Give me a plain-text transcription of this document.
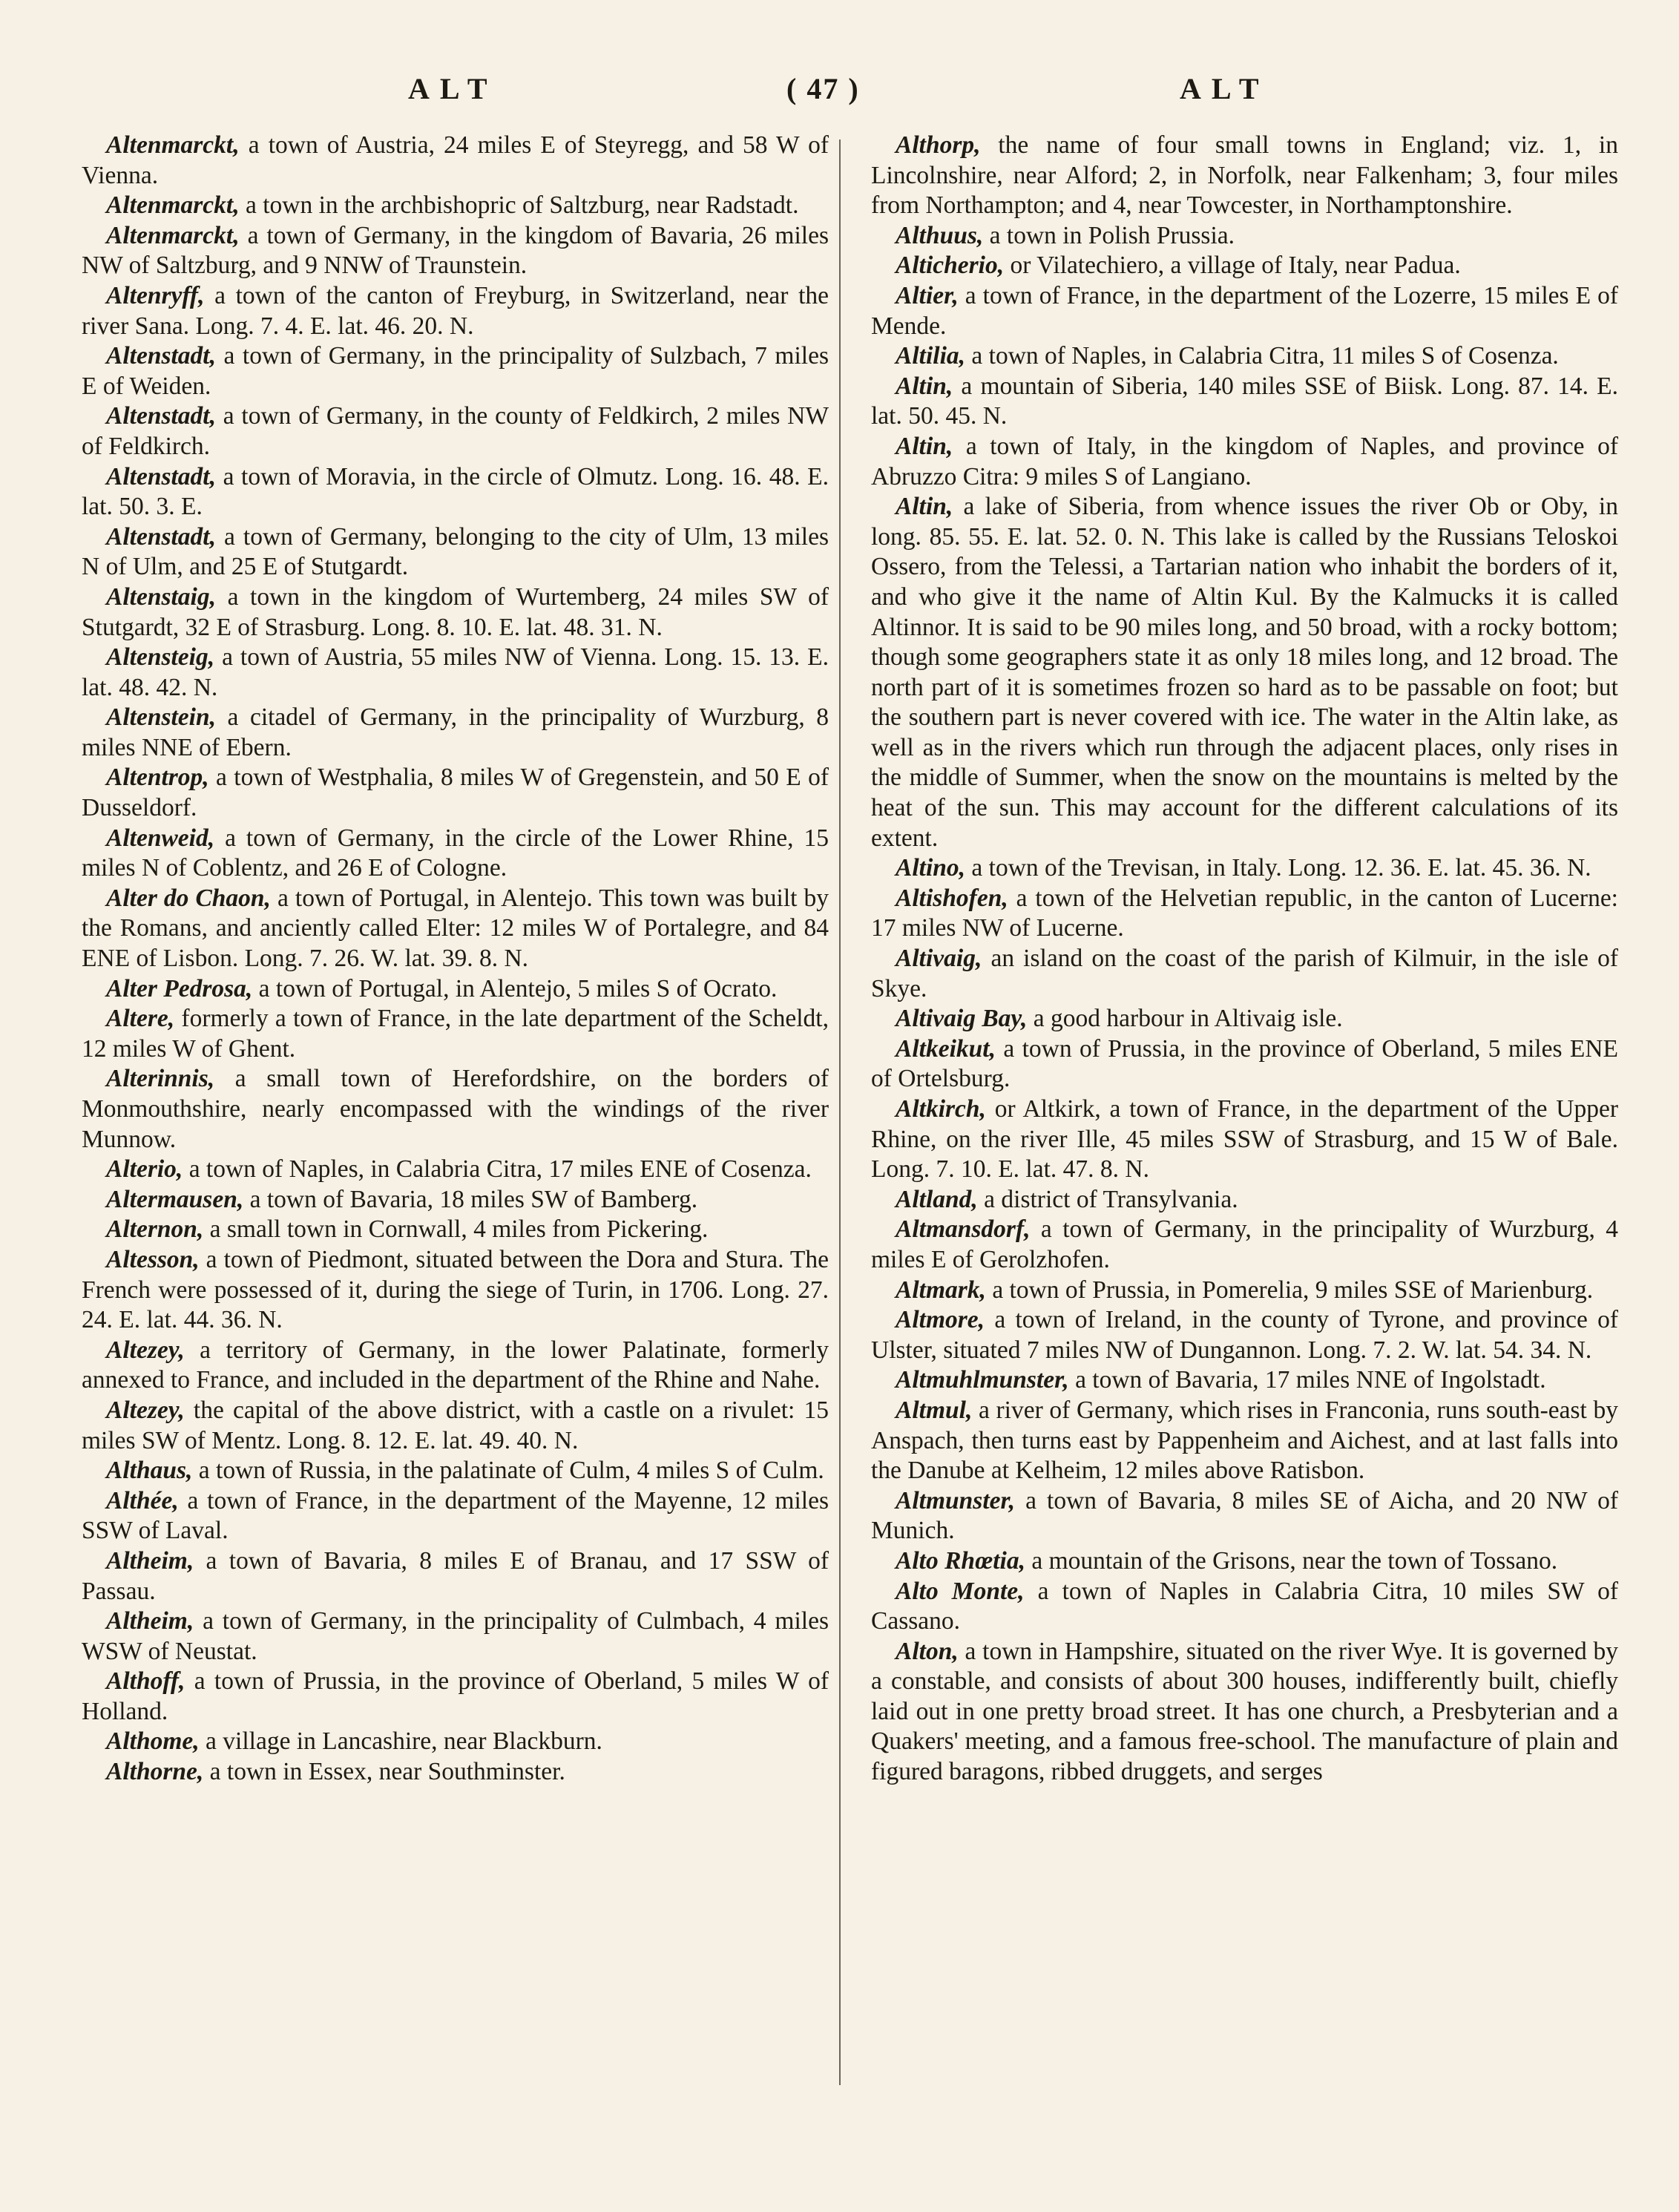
ALT	( 47 )	ALT

Altenmarckt, a town of Austria, 24 miles E of Steyregg, and 58 W of Vienna.

Altenmarckt, a town in the archbishopric of Saltzburg, near Radstadt.

Altenmarckt, a town of Germany, in the kingdom of Bavaria, 26 miles NW of Saltzburg, and 9 NNW of Traunstein.

Altenryff, a town of the canton of Freyburg, in Switzerland, near the river Sana. Long. 7. 4. E. lat. 46. 20. N.

Altenstadt, a town of Germany, in the principality of Sulzbach, 7 miles E of Weiden.

Altenstadt, a town of Germany, in the county of Feldkirch, 2 miles NW of Feldkirch.

Altenstadt, a town of Moravia, in the circle of Olmutz. Long. 16. 48. E. lat. 50. 3. E.

Altenstadt, a town of Germany, belonging to the city of Ulm, 13 miles N of Ulm, and 25 E of Stutgardt.

Altenstaig, a town in the kingdom of Wurtemberg, 24 miles SW of Stutgardt, 32 E of Strasburg. Long. 8. 10. E. lat. 48. 31. N.

Altensteig, a town of Austria, 55 miles NW of Vienna. Long. 15. 13. E. lat. 48. 42. N.

Altenstein, a citadel of Germany, in the principality of Wurzburg, 8 miles NNE of Ebern.

Altentrop, a town of Westphalia, 8 miles W of Gregenstein, and 50 E of Dusseldorf.

Altenweid, a town of Germany, in the circle of the Lower Rhine, 15 miles N of Coblentz, and 26 E of Cologne.

Alter do Chaon, a town of Portugal, in Alentejo. This town was built by the Romans, and anciently called Elter: 12 miles W of Portalegre, and 84 ENE of Lisbon. Long. 7. 26. W. lat. 39. 8. N.

Alter Pedrosa, a town of Portugal, in Alentejo, 5 miles S of Ocrato.

Altere, formerly a town of France, in the late department of the Scheldt, 12 miles W of Ghent.

Alterinnis, a small town of Herefordshire, on the borders of Monmouthshire, nearly encompassed with the windings of the river Munnow.

Alterio, a town of Naples, in Calabria Citra, 17 miles ENE of Cosenza.

Altermausen, a town of Bavaria, 18 miles SW of Bamberg.

Alternon, a small town in Cornwall, 4 miles from Pickering.

Altesson, a town of Piedmont, situated between the Dora and Stura. The French were possessed of it, during the siege of Turin, in 1706. Long. 27. 24. E. lat. 44. 36. N.

Altezey, a territory of Germany, in the lower Palatinate, formerly annexed to France, and included in the department of the Rhine and Nahe.

Altezey, the capital of the above district, with a castle on a rivulet: 15 miles SW of Mentz. Long. 8. 12. E. lat. 49. 40. N.

Althaus, a town of Russia, in the palatinate of Culm, 4 miles S of Culm.

Althée, a town of France, in the department of the Mayenne, 12 miles SSW of Laval.

Altheim, a town of Bavaria, 8 miles E of Branau, and 17 SSW of Passau.

Altheim, a town of Germany, in the principality of Culmbach, 4 miles WSW of Neustat.

Althoff, a town of Prussia, in the province of Oberland, 5 miles W of Holland.

Althome, a village in Lancashire, near Blackburn.

Althorne, a town in Essex, near Southminster.

Althorp, the name of four small towns in England; viz. 1, in Lincolnshire, near Alford; 2, in Norfolk, near Falkenham; 3, four miles from Northampton; and 4, near Towcester, in Northamptonshire.

Althuus, a town in Polish Prussia.

Alticherio, or Vilatechiero, a village of Italy, near Padua.

Altier, a town of France, in the department of the Lozerre, 15 miles E of Mende.

Altilia, a town of Naples, in Calabria Citra, 11 miles S of Cosenza.

Altin, a mountain of Siberia, 140 miles SSE of Biisk. Long. 87. 14. E. lat. 50. 45. N.

Altin, a town of Italy, in the kingdom of Naples, and province of Abruzzo Citra: 9 miles S of Langiano.

Altin, a lake of Siberia, from whence issues the river Ob or Oby, in long. 85. 55. E. lat. 52. 0. N. This lake is called by the Russians Teloskoi Ossero, from the Telessi, a Tartarian nation who inhabit the borders of it, and who give it the name of Altin Kul. By the Kalmucks it is called Altinnor. It is said to be 90 miles long, and 50 broad, with a rocky bottom; though some geographers state it as only 18 miles long, and 12 broad. The north part of it is sometimes frozen so hard as to be passable on foot; but the southern part is never covered with ice. The water in the Altin lake, as well as in the rivers which run through the adjacent places, only rises in the middle of Summer, when the snow on the mountains is melted by the heat of the sun. This may account for the different calculations of its extent.

Altino, a town of the Trevisan, in Italy. Long. 12. 36. E. lat. 45. 36. N.

Altishofen, a town of the Helvetian republic, in the canton of Lucerne: 17 miles NW of Lucerne.

Altivaig, an island on the coast of the parish of Kilmuir, in the isle of Skye.

Altivaig Bay, a good harbour in Altivaig isle.

Altkeikut, a town of Prussia, in the province of Oberland, 5 miles ENE of Ortelsburg.

Altkirch, or Altkirk, a town of France, in the department of the Upper Rhine, on the river Ille, 45 miles SSW of Strasburg, and 15 W of Bale. Long. 7. 10. E. lat. 47. 8. N.

Altland, a district of Transylvania.

Altmansdorf, a town of Germany, in the principality of Wurzburg, 4 miles E of Gerolzhofen.

Altmark, a town of Prussia, in Pomerelia, 9 miles SSE of Marienburg.

Altmore, a town of Ireland, in the county of Tyrone, and province of Ulster, situated 7 miles NW of Dungannon. Long. 7. 2. W. lat. 54. 34. N.

Altmuhlmunster, a town of Bavaria, 17 miles NNE of Ingolstadt.

Altmul, a river of Germany, which rises in Franconia, runs south-east by Anspach, then turns east by Pappenheim and Aichest, and at last falls into the Danube at Kelheim, 12 miles above Ratisbon.

Altmunster, a town of Bavaria, 8 miles SE of Aicha, and 20 NW of Munich.

Alto Rhœtia, a mountain of the Grisons, near the town of Tossano.

Alto Monte, a town of Naples in Calabria Citra, 10 miles SW of Cassano.

Alton, a town in Hampshire, situated on the river Wye. It is governed by a constable, and consists of about 300 houses, indifferently built, chiefly laid out in one pretty broad street. It has one church, a Presbyterian and a Quakers' meeting, and a famous free-school. The manufacture of plain and figured baragons, ribbed druggets, and serges
